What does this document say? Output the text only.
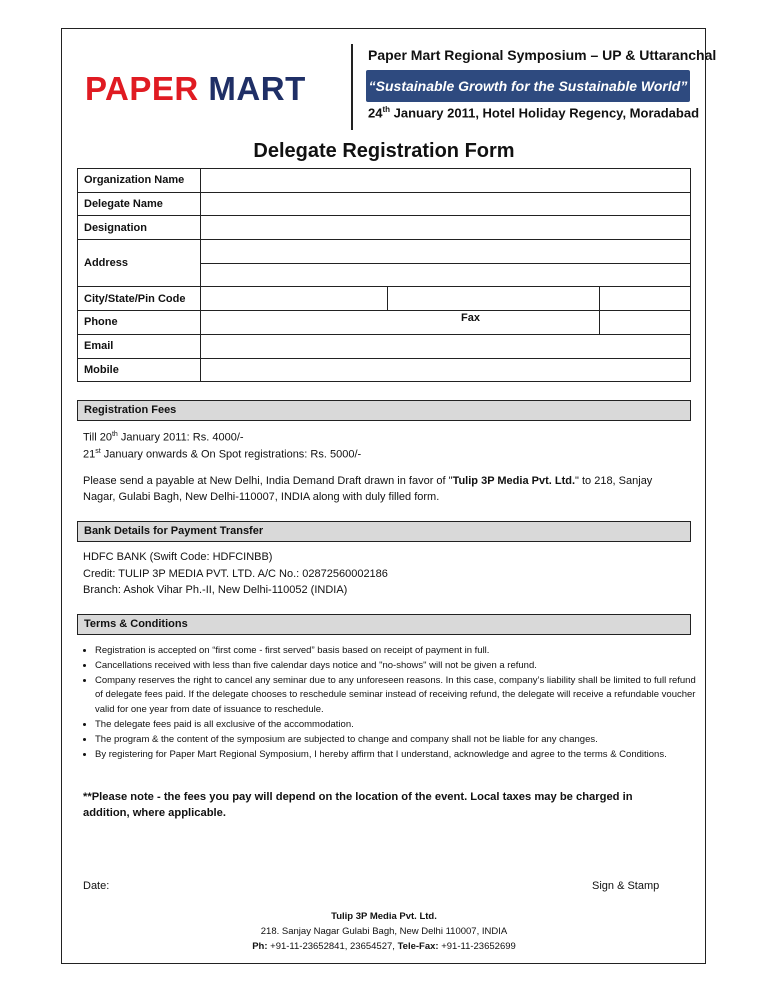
PAPER MART
Paper Mart Regional Symposium – UP & Uttaranchal
“Sustainable Growth for the Sustainable World”
24th January 2011, Hotel Holiday Regency, Moradabad
Delegate Registration Form
Organization Name			
Delegate Name			
Designation			
Address			

City/State/Pin Code			
Phone	Fax		

Email			
Mobile			
Registration Fees
Till 20th January 2011: Rs. 4000/-
21st January onwards & On Spot registrations: Rs. 5000/-
Please send a payable at New Delhi, India Demand Draft drawn in favor of "Tulip 3P Media Pvt. Ltd." to 218, Sanjay Nagar, Gulabi Bagh, New Delhi-110007, INDIA along with duly filled form.
Bank Details for Payment Transfer
HDFC BANK (Swift Code: HDFCINBB)
Credit: TULIP 3P MEDIA PVT. LTD. A/C No.: 02872560002186
Branch: Ashok Vihar Ph.-II, New Delhi-110052 (INDIA)
Terms & Conditions
• Registration is accepted on “first come - first served” basis based on receipt of payment in full.
• Cancellations received with less than five calendar days notice and "no-shows" will not be given a refund.
• Company reserves the right to cancel any seminar due to any unforeseen reasons. In this case, company’s liability shall be limited to full refund of delegate fees paid. If the delegate chooses to reschedule seminar instead of receiving refund, the delegate will receive a refundable voucher valid for one year from date of issuance to reschedule.
• The delegate fees paid is all exclusive of the accommodation.
• The program & the content of the symposium are subjected to change and company shall not be liable for any changes.
• By registering for Paper Mart Regional Symposium, I hereby affirm that I understand, acknowledge and agree to the terms & Conditions.
**Please note - the fees you pay will depend on the location of the event. Local taxes may be charged in addition, where applicable.
Date:	Sign & Stamp
Tulip 3P Media Pvt. Ltd.
218. Sanjay Nagar Gulabi Bagh, New Delhi 110007, INDIA
Ph: +91-11-23652841, 23654527, Tele-Fax: +91-11-23652699
